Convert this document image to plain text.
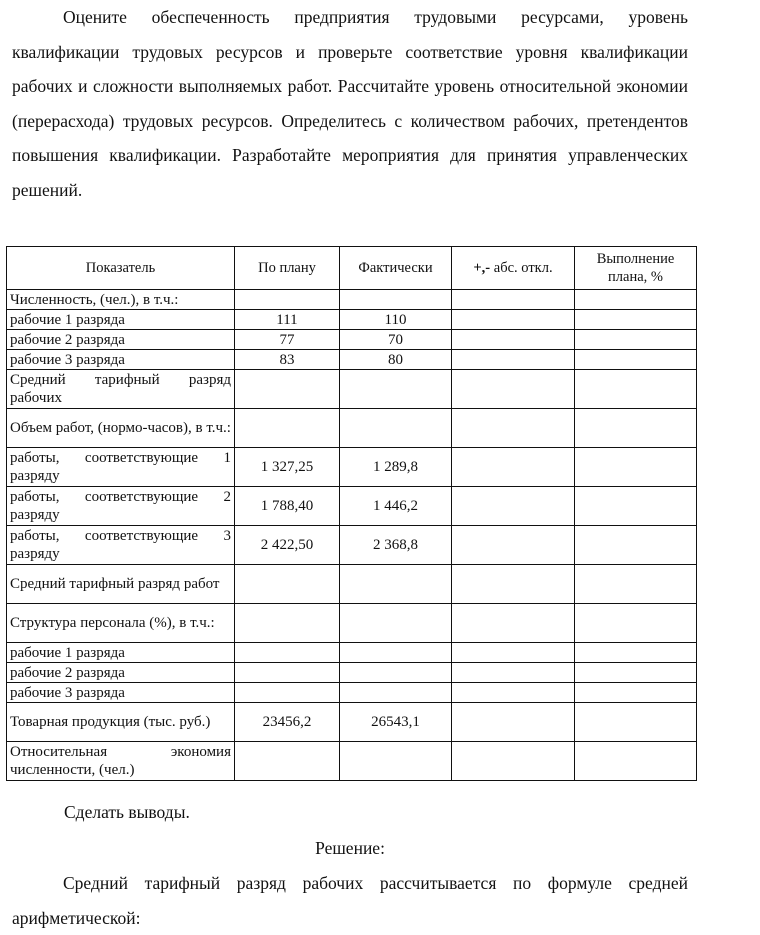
Оцените обеспеченность предприятия трудовыми ресурсами, уровень квалификации трудовых ресурсов и проверьте соответствие уровня квалификации рабочих и сложности выполняемых работ. Рассчитайте уровень относительной экономии (перерасхода) трудовых ресурсов. Определитесь с количеством рабочих, претендентов повышения квалификации. Разработайте мероприятия для принятия управленческих решений.
Показатель	По плану	Фактически	+,- абс. откл.	Выполнение плана, %
Численность, (чел.), в т.ч.:				
рабочие 1 разряда	111	110		
рабочие 2 разряда	77	70		
рабочие 3 разряда	83	80		
Средний тарифный разряд рабочих				
Объем работ, (нормо-часов), в т.ч.:				
работы, соответствующие 1 разряду	1 327,25	1 289,8		
работы, соответствующие 2 разряду	1 788,40	1 446,2		
работы, соответствующие 3 разряду	2 422,50	2 368,8		
Средний тарифный разряд работ				
Структура персонала (%), в т.ч.:				
рабочие 1 разряда				
рабочие 2 разряда				
рабочие 3 разряда				
Товарная продукция (тыс. руб.)	23456,2	26543,1		
Относительная экономия численности, (чел.)				
Сделать выводы.
Решение:
Средний тарифный разряд рабочих рассчитывается по формуле средней арифметической:
